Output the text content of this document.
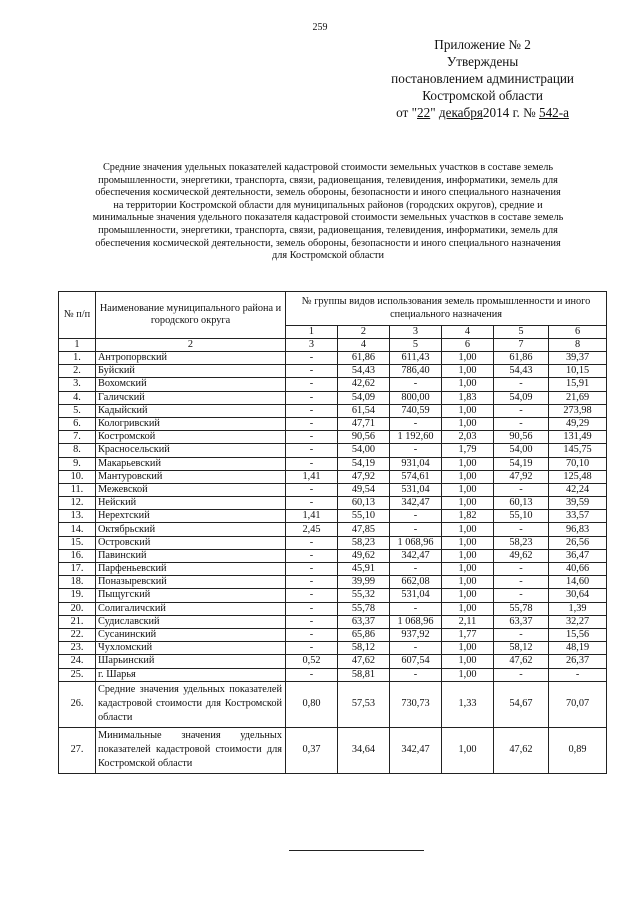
259
Приложение № 2
Утверждены
постановлением администрации
Костромской области
от "22" декабря2014 г. № 542-а
Средние значения удельных показателей кадастровой стоимости земельных участков в составе земель
промышленности, энергетики, транспорта, связи, радиовещания, телевидения, информатики, земель для
обеспечения космической деятельности, земель обороны, безопасности и иного специального назначения
на территории Костромской области для муниципальных районов (городских округов), средние и
минимальные значения удельного показателя кадастровой стоимости земельных участков в составе земель
промышленности, энергетики, транспорта, связи, радиовещания, телевидения, информатики, земель для
обеспечения космической деятельности, земель обороны, безопасности и иного специального назначения
для Костромской области
№ п/п	Наименование муниципального района и городского округа	№ группы видов использования земель промышленности и иного специального назначения					
		1	2	3	4	5	6
1	2	3	4	5	6	7	8
1.	Антропорвский	-	61,86	611,43	1,00	61,86	39,37
2.	Буйский	-	54,43	786,40	1,00	54,43	10,15
3.	Вохомский	-	42,62	-	1,00	-	15,91
4.	Галичский	-	54,09	800,00	1,83	54,09	21,69
5.	Кадыйский	-	61,54	740,59	1,00	-	273,98
6.	Кологривский	-	47,71	-	1,00	-	49,29
7.	Костромской	-	90,56	1 192,60	2,03	90,56	131,49
8.	Красносельский	-	54,00	-	1,79	54,00	145,75
9.	Макарьевский	-	54,19	931,04	1,00	54,19	70,10
10.	Мантуровский	1,41	47,92	574,61	1,00	47,92	125,48
11.	Межевской	-	49,54	531,04	1,00	-	42,24
12.	Нейский	-	60,13	342,47	1,00	60,13	39,59
13.	Нерехтский	1,41	55,10	-	1,82	55,10	33,57
14.	Октябрьский	2,45	47,85	-	1,00	-	96,83
15.	Островский	-	58,23	1 068,96	1,00	58,23	26,56
16.	Павинский	-	49,62	342,47	1,00	49,62	36,47
17.	Парфеньевский	-	45,91	-	1,00	-	40,66
18.	Поназыревский	-	39,99	662,08	1,00	-	14,60
19.	Пыщугский	-	55,32	531,04	1,00	-	30,64
20.	Солигаличский	-	55,78	-	1,00	55,78	1,39
21.	Судиславский	-	63,37	1 068,96	2,11	63,37	32,27
22.	Сусанинский	-	65,86	937,92	1,77	-	15,56
23.	Чухломский	-	58,12	-	1,00	58,12	48,19
24.	Шарьинский	0,52	47,62	607,54	1,00	47,62	26,37
25.	г. Шарья	-	58,81	-	1,00	-	-
26.	Средние значения удельных показателей кадастровой стоимости для Костромской области	0,80	57,53	730,73	1,33	54,67	70,07
27.	Минимальные значения удельных показателей кадастровой стоимости для Костромской области	0,37	34,64	342,47	1,00	47,62	0,89
